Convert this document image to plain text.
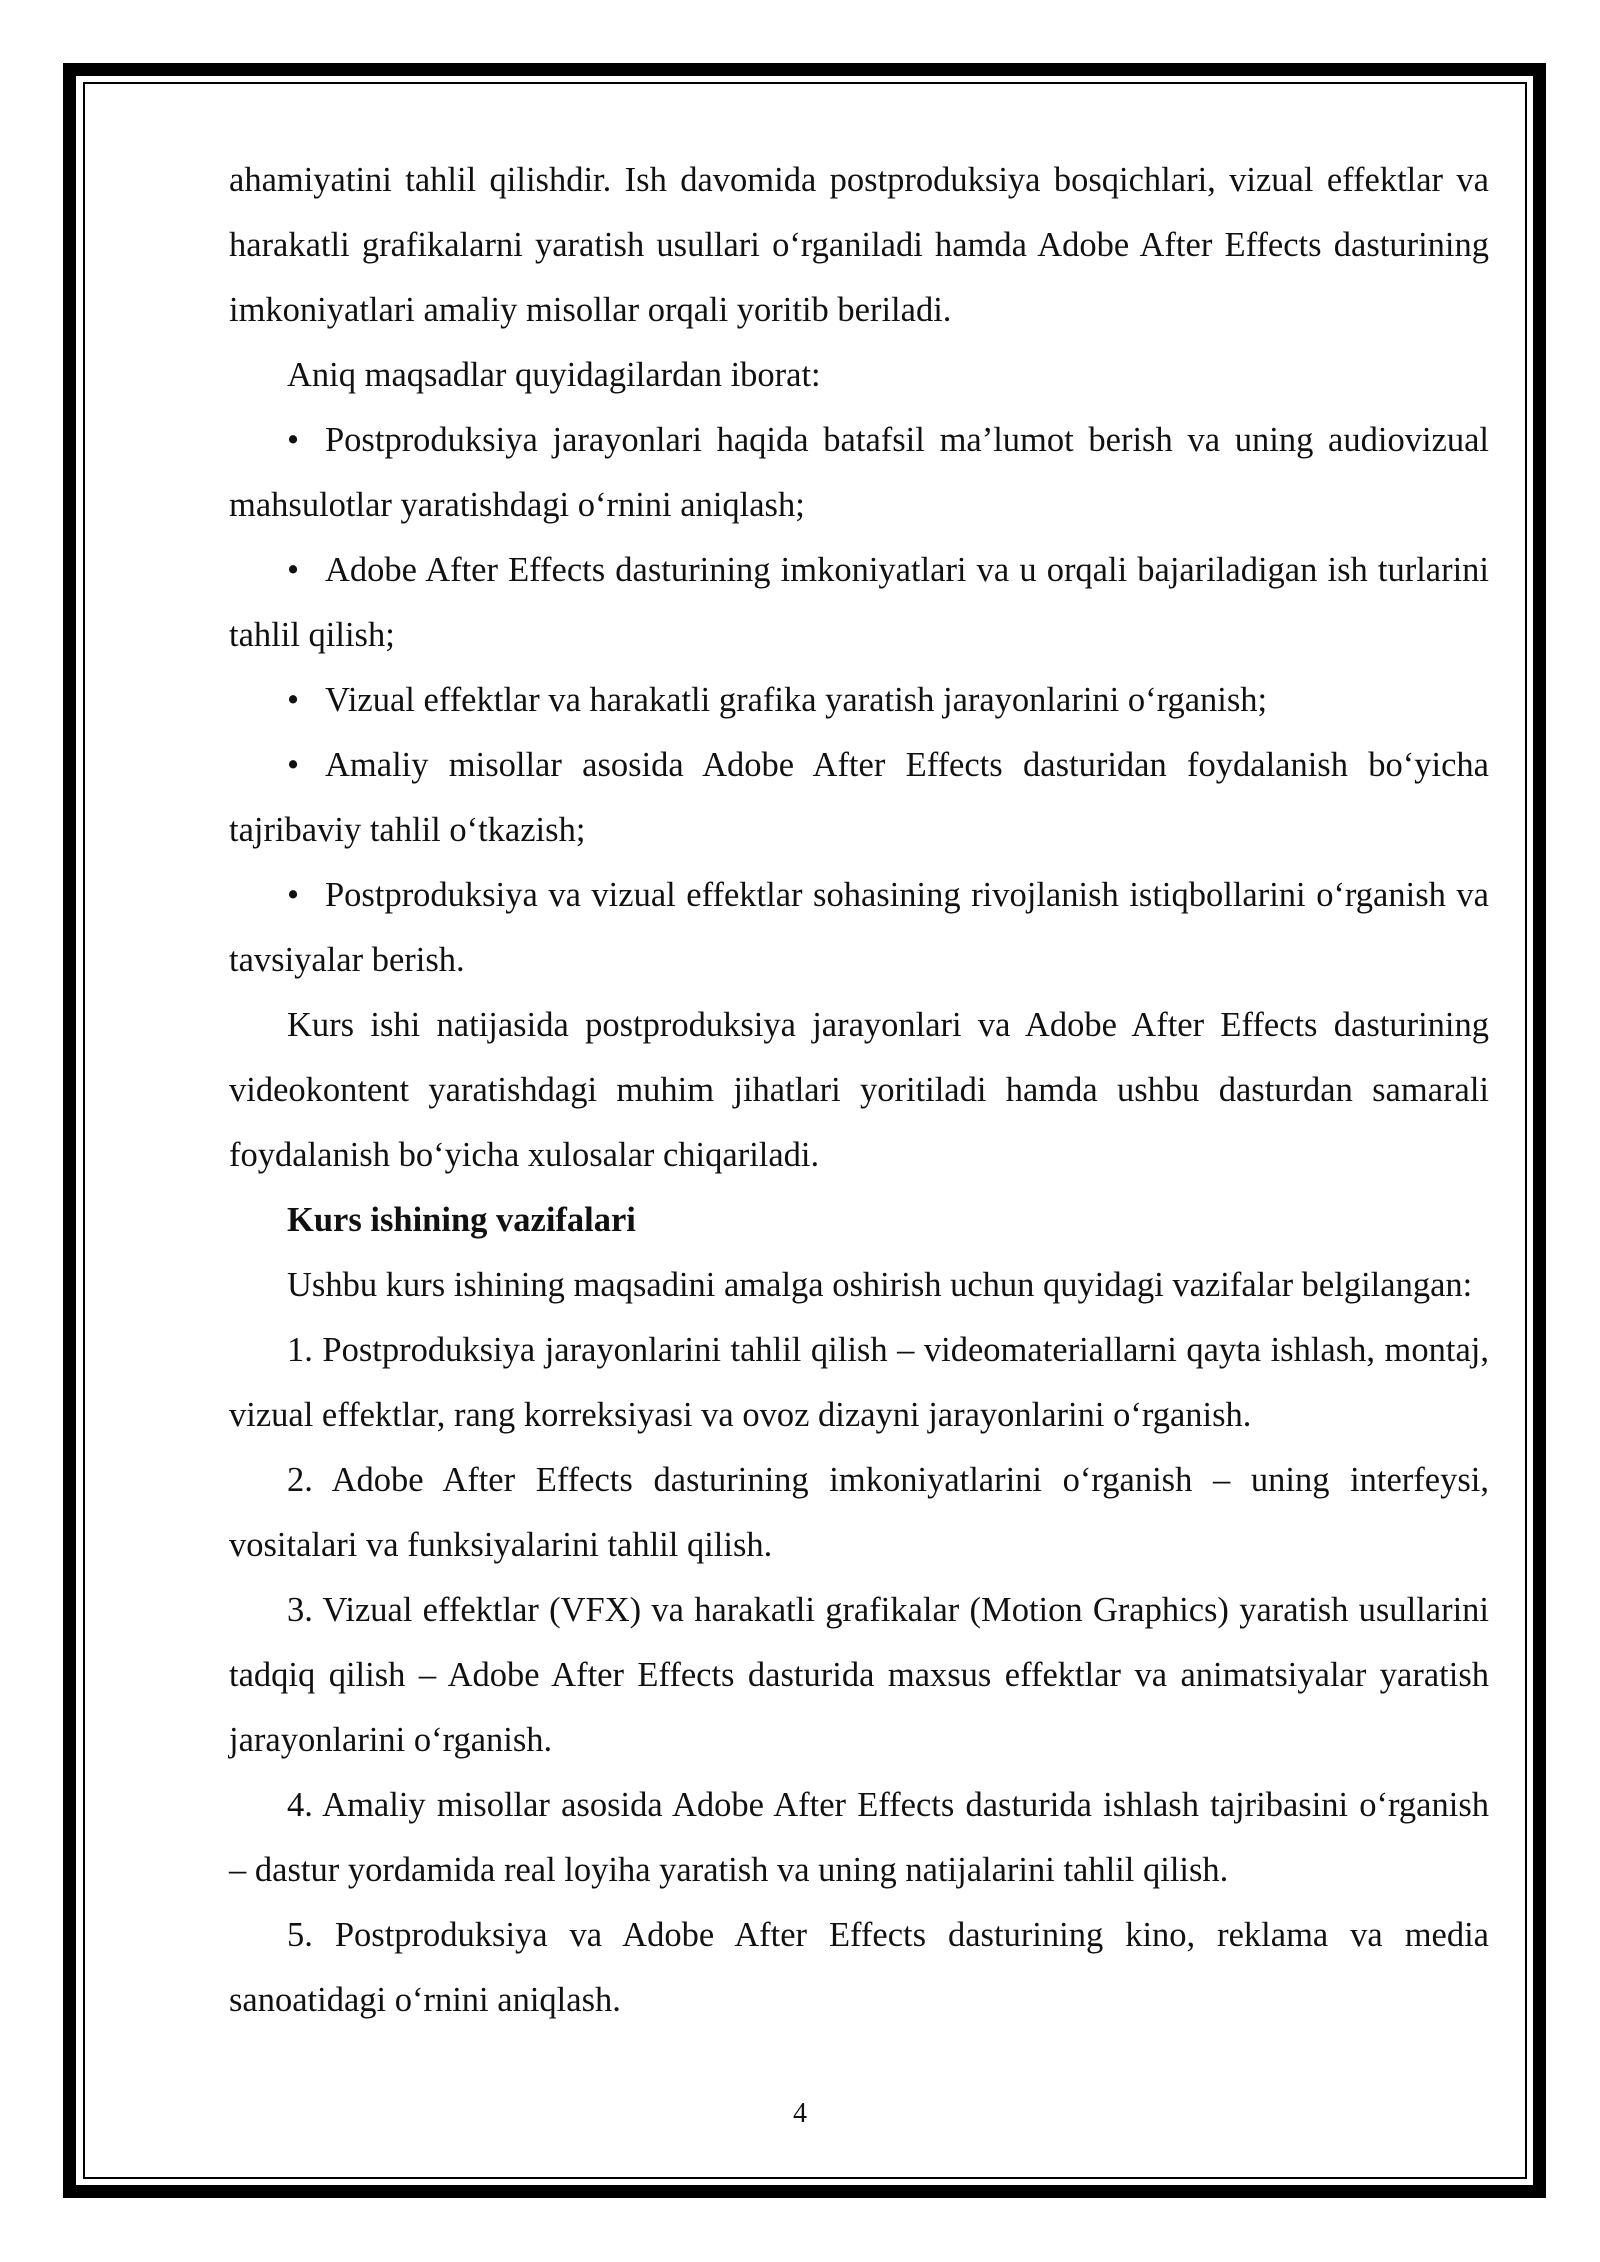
ahamiyatini tahlil qilishdir. Ish davomida postproduksiya bosqichlari, vizual effektlar va harakatli grafikalarni yaratish usullari o‘rganiladi hamda Adobe After Effects dasturining imkoniyatlari amaliy misollar orqali yoritib beriladi.

Aniq maqsadlar quyidagilardan iborat:

• Postproduksiya jarayonlari haqida batafsil ma’lumot berish va uning audiovizual mahsulotlar yaratishdagi o‘rnini aniqlash;

• Adobe After Effects dasturining imkoniyatlari va u orqali bajariladigan ish turlarini tahlil qilish;

• Vizual effektlar va harakatli grafika yaratish jarayonlarini o‘rganish;

• Amaliy misollar asosida Adobe After Effects dasturidan foydalanish bo‘yicha tajribaviy tahlil o‘tkazish;

• Postproduksiya va vizual effektlar sohasining rivojlanish istiqbollarini o‘rganish va tavsiyalar berish.

Kurs ishi natijasida postproduksiya jarayonlari va Adobe After Effects dasturining videokontent yaratishdagi muhim jihatlari yoritiladi hamda ushbu dasturdan samarali foydalanish bo‘yicha xulosalar chiqariladi.

Kurs ishining vazifalari

Ushbu kurs ishining maqsadini amalga oshirish uchun quyidagi vazifalar belgilangan:

1. Postproduksiya jarayonlarini tahlil qilish – videomateriallarni qayta ishlash, montaj, vizual effektlar, rang korreksiyasi va ovoz dizayni jarayonlarini o‘rganish.

2. Adobe After Effects dasturining imkoniyatlarini o‘rganish – uning interfeysi, vositalari va funksiyalarini tahlil qilish.

3. Vizual effektlar (VFX) va harakatli grafikalar (Motion Graphics) yaratish usullarini tadqiq qilish – Adobe After Effects dasturida maxsus effektlar va animatsiyalar yaratish jarayonlarini o‘rganish.

4. Amaliy misollar asosida Adobe After Effects dasturida ishlash tajribasini o‘rganish – dastur yordamida real loyiha yaratish va uning natijalarini tahlil qilish.

5. Postproduksiya va Adobe After Effects dasturining kino, reklama va media sanoatidagi o‘rnini aniqlash.

4
